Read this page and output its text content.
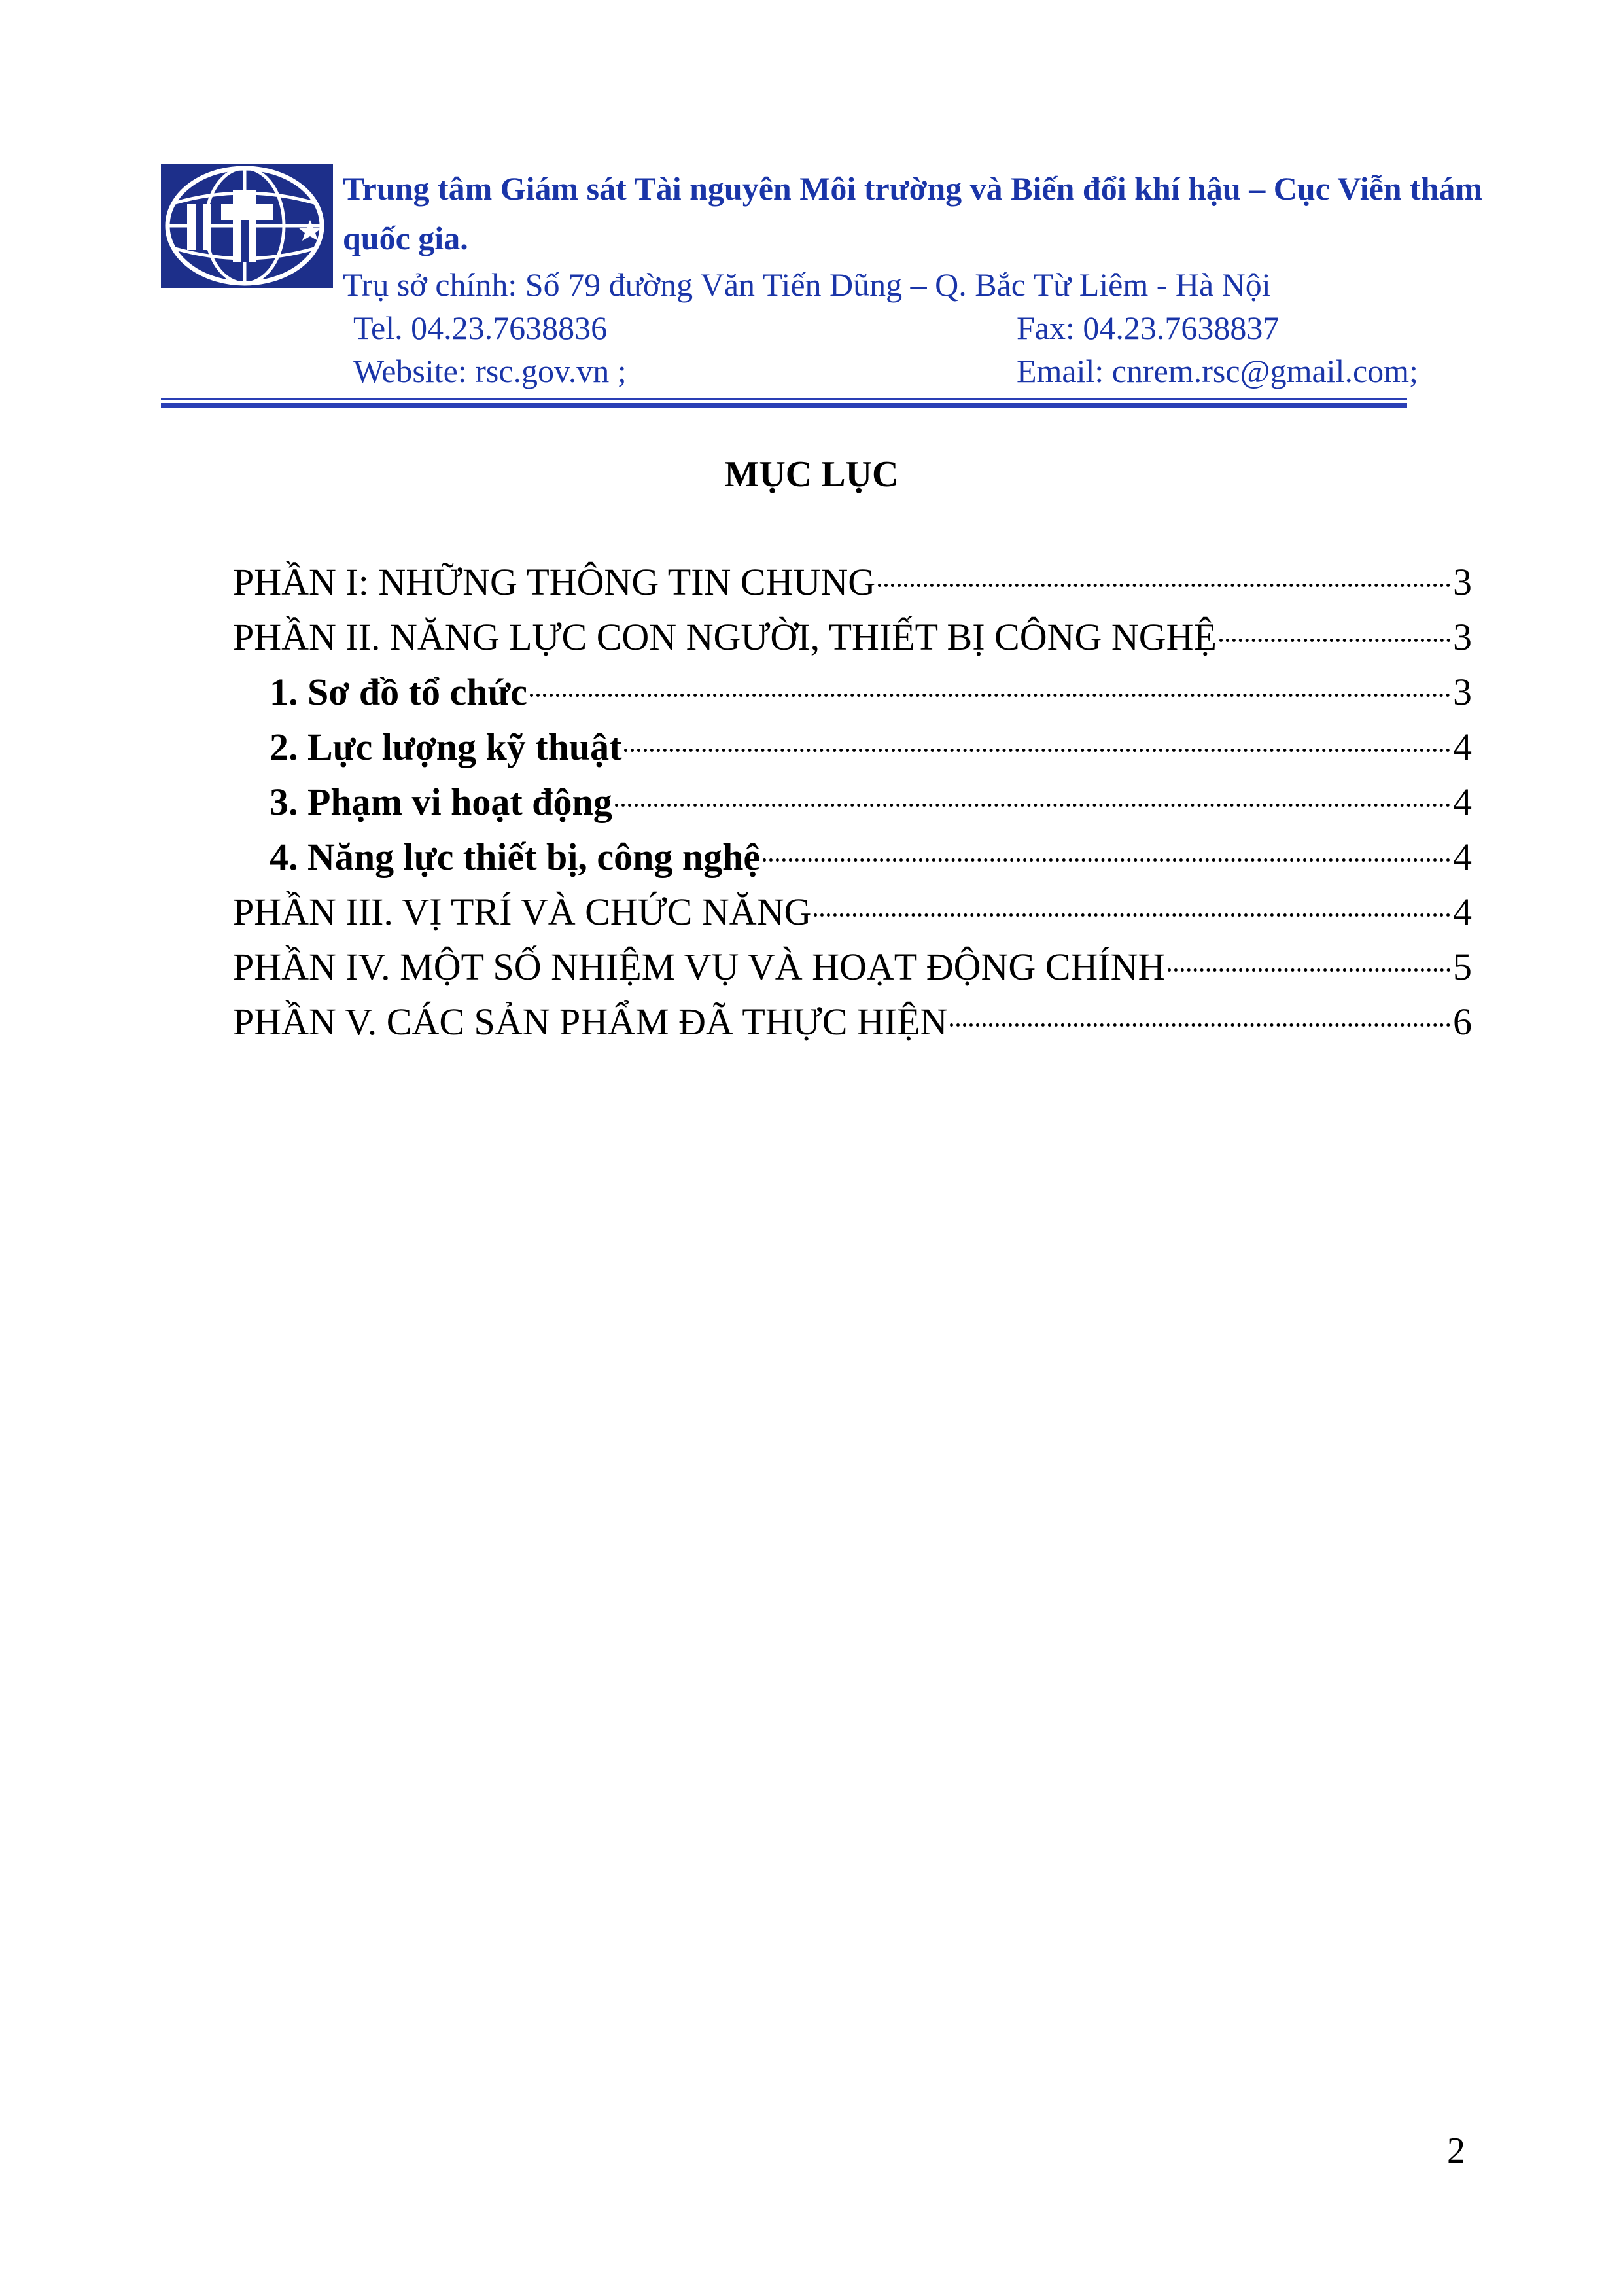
Trung tâm Giám sát Tài nguyên Môi trường và Biến đổi khí hậu – Cục Viễn thám
quốc gia.
Trụ sở chính: Số 79 đường Văn Tiến Dũng – Q. Bắc Từ Liêm - Hà Nội
Tel. 04.23.7638836	Fax: 04.23.7638837
Website: rsc.gov.vn ;	Email: cnrem.rsc@gmail.com;
MỤC LỤC
PHẦN I: NHỮNG THÔNG TIN CHUNG	3
PHẦN II. NĂNG LỰC CON NGƯỜI, THIẾT BỊ CÔNG NGHỆ	3
1. Sơ đồ tổ chức	3
2. Lực lượng kỹ thuật	4
3. Phạm vi hoạt động	4
4. Năng lực thiết bị, công nghệ	4
PHẦN III. VỊ TRÍ VÀ CHỨC NĂNG	4
PHẦN IV. MỘT SỐ NHIỆM VỤ VÀ HOẠT ĐỘNG CHÍNH	5
PHẦN V. CÁC SẢN PHẨM ĐÃ THỰC HIỆN	6
2
